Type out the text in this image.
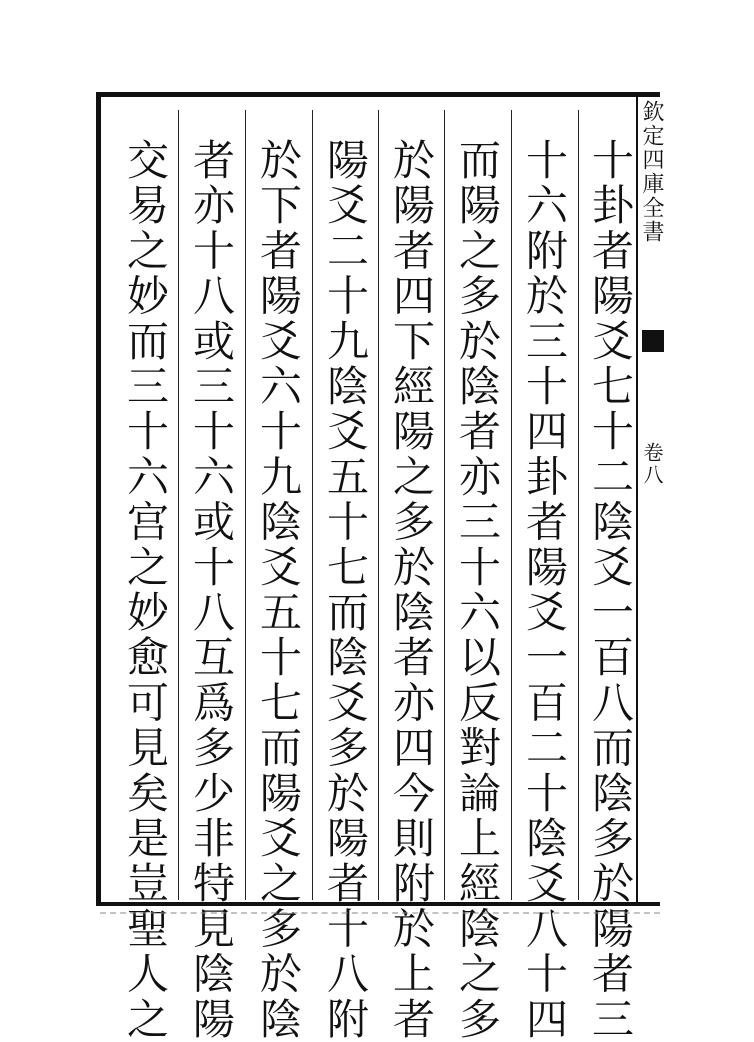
欽定四庫全書
卷八
十卦者陽爻七十二陰爻一百八而陰多於陽者三
十六附於三十四卦者陽爻一百二十陰爻八十四
而陽之多於陰者亦三十六以反對論上經陰之多
於陽者四下經陽之多於陰者亦四今則附於上者
陽爻二十九陰爻五十七而陰爻多於陽者十八附
於下者陽爻六十九陰爻五十七而陽爻之多於陰
者亦十八或三十六或十八互爲多少非特見陰陽
交易之妙而三十六宫之妙愈可見矣是豈聖人之
